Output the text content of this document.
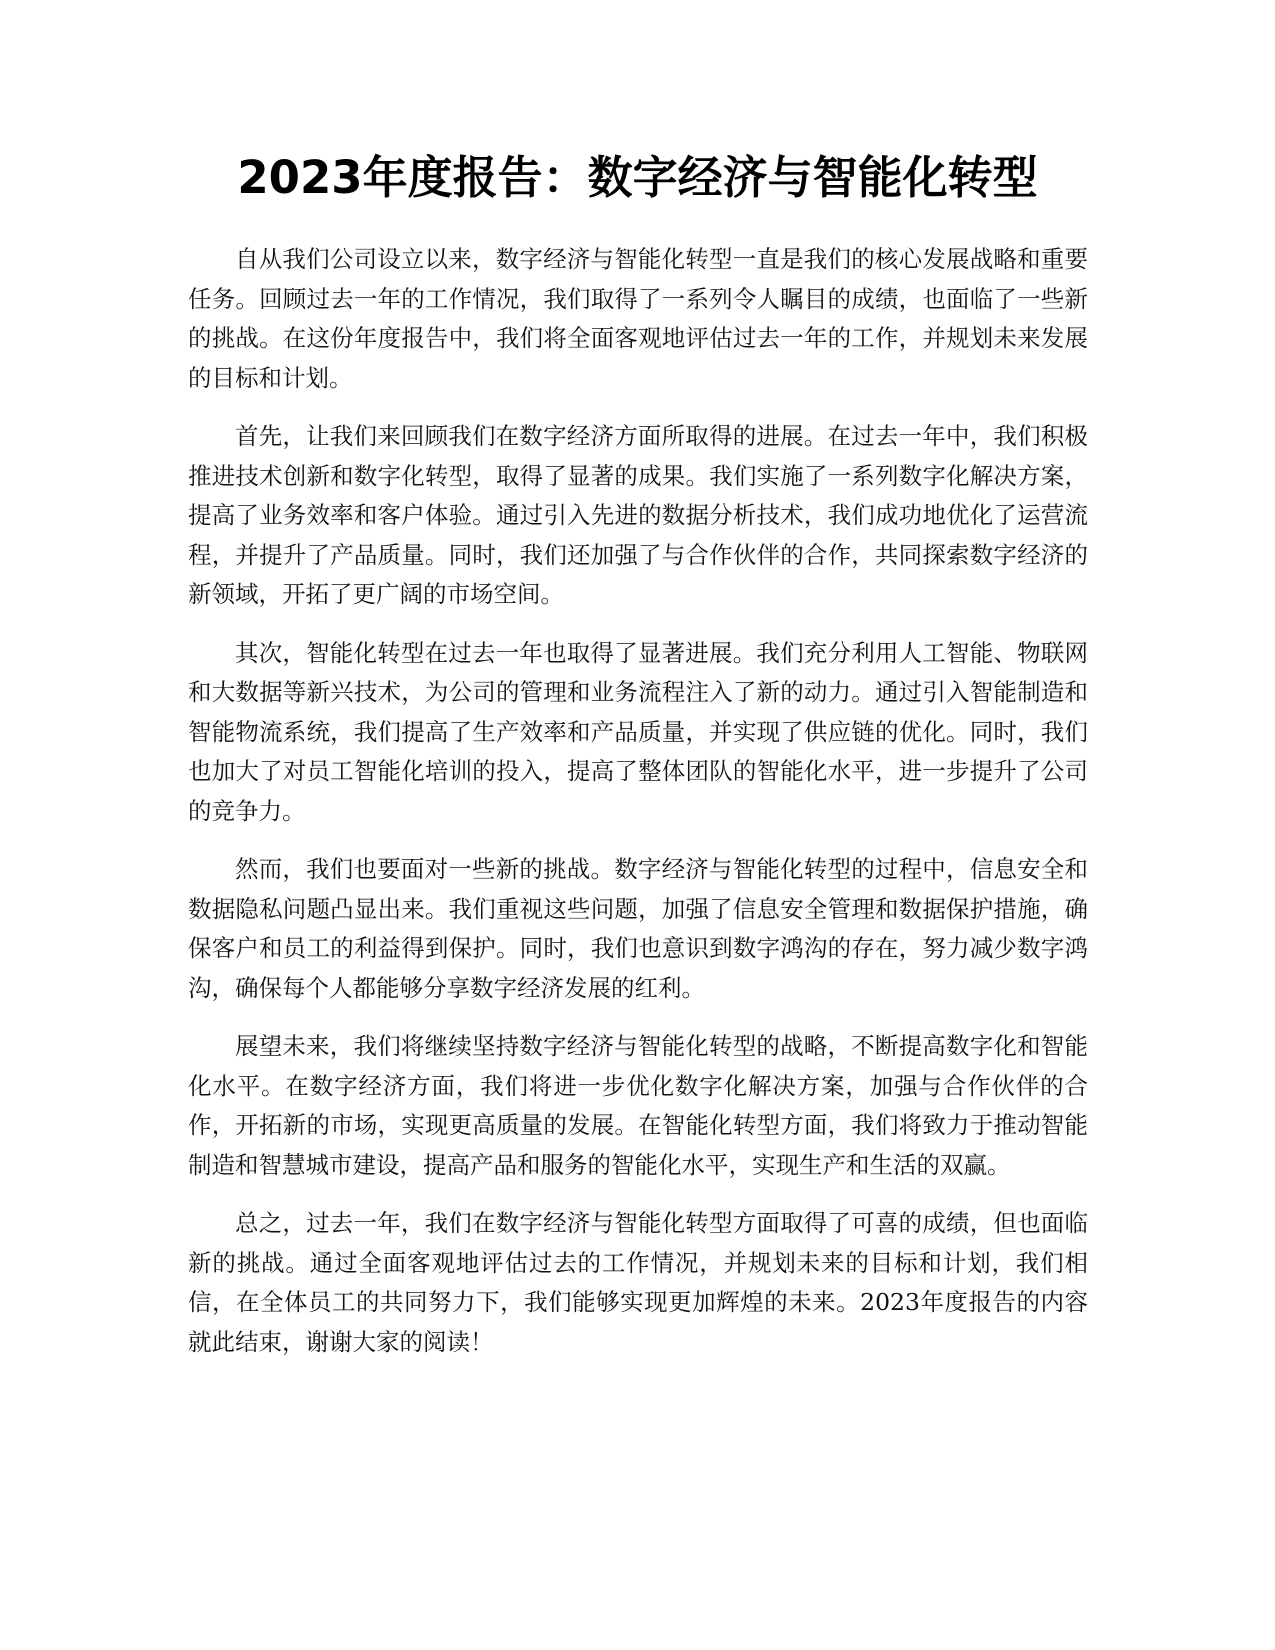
2023年度报告：数字经济与智能化转型

自从我们公司设立以来，数字经济与智能化转型一直是我们的核心发展战略和重要任务。回顾过去一年的工作情况，我们取得了一系列令人瞩目的成绩，也面临了一些新的挑战。在这份年度报告中，我们将全面客观地评估过去一年的工作，并规划未来发展的目标和计划。

首先，让我们来回顾我们在数字经济方面所取得的进展。在过去一年中，我们积极推进技术创新和数字化转型，取得了显著的成果。我们实施了一系列数字化解决方案，提高了业务效率和客户体验。通过引入先进的数据分析技术，我们成功地优化了运营流程，并提升了产品质量。同时，我们还加强了与合作伙伴的合作，共同探索数字经济的新领域，开拓了更广阔的市场空间。

其次，智能化转型在过去一年也取得了显著进展。我们充分利用人工智能、物联网和大数据等新兴技术，为公司的管理和业务流程注入了新的动力。通过引入智能制造和智能物流系统，我们提高了生产效率和产品质量，并实现了供应链的优化。同时，我们也加大了对员工智能化培训的投入，提高了整体团队的智能化水平，进一步提升了公司的竞争力。

然而，我们也要面对一些新的挑战。数字经济与智能化转型的过程中，信息安全和数据隐私问题凸显出来。我们重视这些问题，加强了信息安全管理和数据保护措施，确保客户和员工的利益得到保护。同时，我们也意识到数字鸿沟的存在，努力减少数字鸿沟，确保每个人都能够分享数字经济发展的红利。

展望未来，我们将继续坚持数字经济与智能化转型的战略，不断提高数字化和智能化水平。在数字经济方面，我们将进一步优化数字化解决方案，加强与合作伙伴的合作，开拓新的市场，实现更高质量的发展。在智能化转型方面，我们将致力于推动智能制造和智慧城市建设，提高产品和服务的智能化水平，实现生产和生活的双赢。

总之，过去一年，我们在数字经济与智能化转型方面取得了可喜的成绩，但也面临新的挑战。通过全面客观地评估过去的工作情况，并规划未来的目标和计划，我们相信，在全体员工的共同努力下，我们能够实现更加辉煌的未来。2023年度报告的内容就此结束，谢谢大家的阅读！
